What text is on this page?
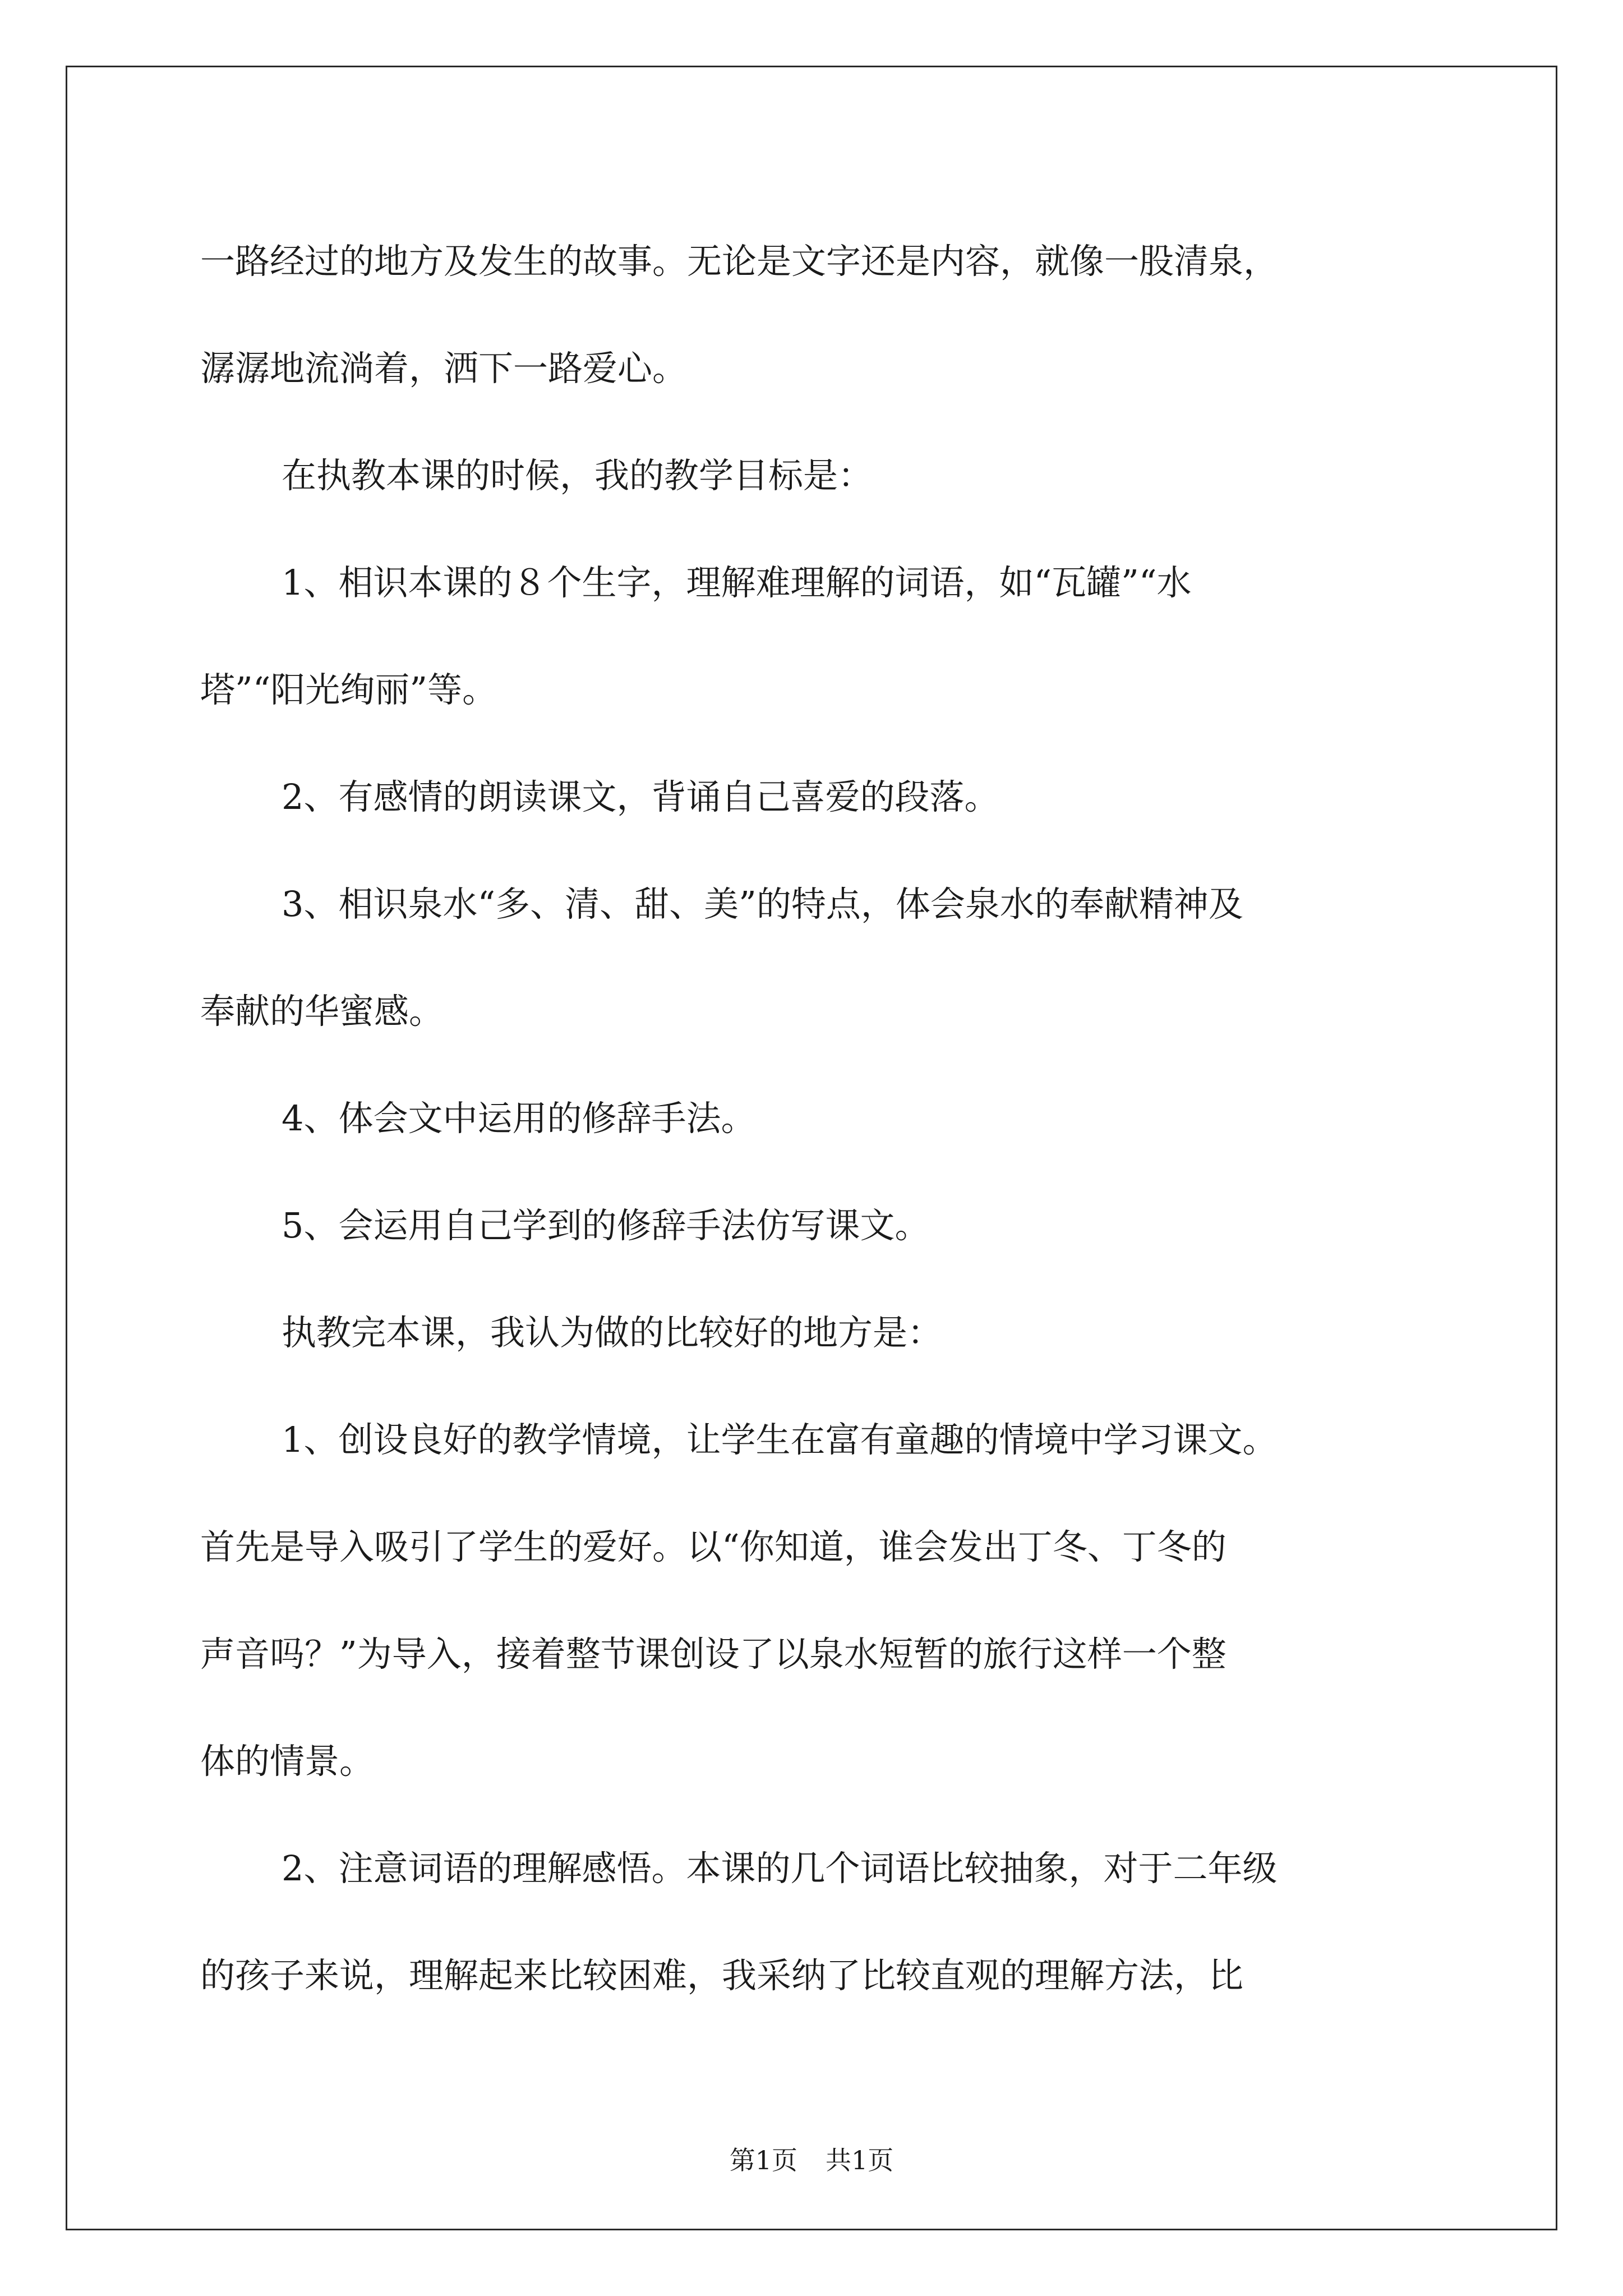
一路经过的地方及发生的故事。无论是文字还是内容，就像一股清泉，
潺潺地流淌着，洒下一路爱心。
在执教本课的时候，我的教学目标是：
1、相识本课的８个生字，理解难理解的词语，如“瓦罐”“水
塔”“阳光绚丽”等。
2、有感情的朗读课文，背诵自己喜爱的段落。
3、相识泉水“多、清、甜、美”的特点，体会泉水的奉献精神及
奉献的华蜜感。
4、体会文中运用的修辞手法。
5、会运用自己学到的修辞手法仿写课文。
执教完本课，我认为做的比较好的地方是：
1、创设良好的教学情境，让学生在富有童趣的情境中学习课文。
首先是导入吸引了学生的爱好。以“你知道，谁会发出丁冬、丁冬的
声音吗？”为导入，接着整节课创设了以泉水短暂的旅行这样一个整
体的情景。
2、注意词语的理解感悟。本课的几个词语比较抽象，对于二年级
的孩子来说，理解起来比较困难，我采纳了比较直观的理解方法，比
第1页 共1页
